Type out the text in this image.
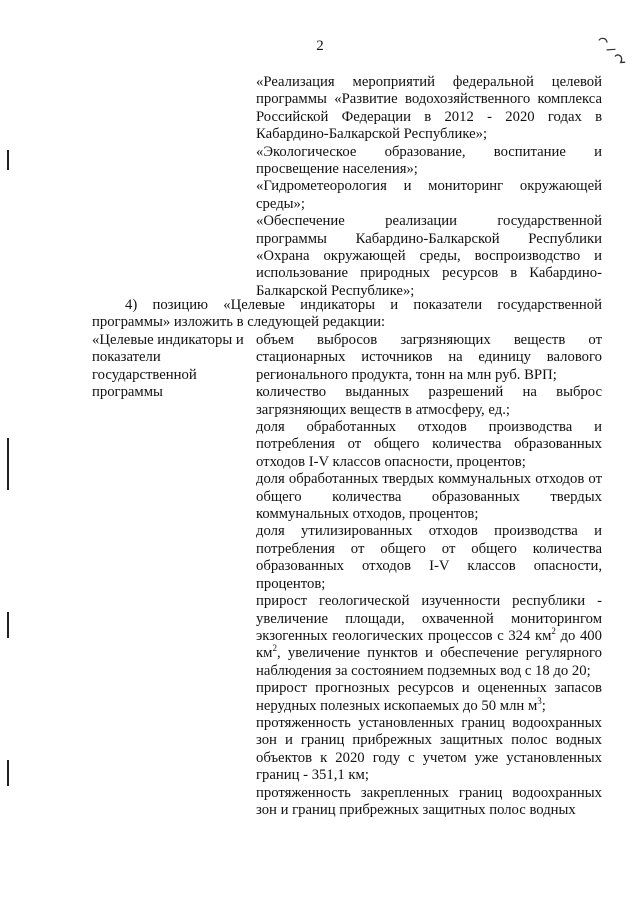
2

«Реализация мероприятий федеральной целевой программы «Развитие водохозяйственного комплекса Российской Федерации в 2012 - 2020 годах в Кабардино-Балкарской Республике»;

«Экологическое образование, воспитание и просвещение населения»;

«Гидрометеорология и мониторинг окружающей среды»;

«Обеспечение реализации государственной программы Кабардино-Балкарской Республики «Охрана окружающей среды, воспроизводство и использование природных ресурсов в Кабардино-Балкарской Республике»;

4) позицию «Целевые индикаторы и показатели государственной программы» изложить в следующей редакции:
«Целевые индикаторы и показатели государственной программы

объем выбросов загрязняющих веществ от стационарных источников на единицу валового регионального продукта, тонн на млн руб. ВРП;

количество выданных разрешений на выброс загрязняющих веществ в атмосферу, ед.;

доля обработанных отходов производства и потребления от общего количества образованных отходов I-V классов опасности, процентов;

доля обработанных твердых коммунальных отходов от общего количества образованных твердых коммунальных отходов, процентов;

доля утилизированных отходов производства и потребления от общего от общего количества образованных отходов I-V классов опасности, процентов;

прирост геологической изученности республики - увеличение площади, охваченной мониторингом экзогенных геологических процессов с 324 $км^2$ до 400 $км^2$, увеличение пунктов и обеспечение регулярного наблюдения за состоянием подземных вод с 18 до 20;

прирост прогнозных ресурсов и оцененных запасов нерудных полезных ископаемых до 50 млн $м^3$;

протяженность установленных границ водоохранных зон и границ прибрежных защитных полос водных объектов к 2020 году с учетом уже установленных границ - 351,1 км;

протяженность закрепленных границ водоохранных зон и границ прибрежных защитных полос водных
